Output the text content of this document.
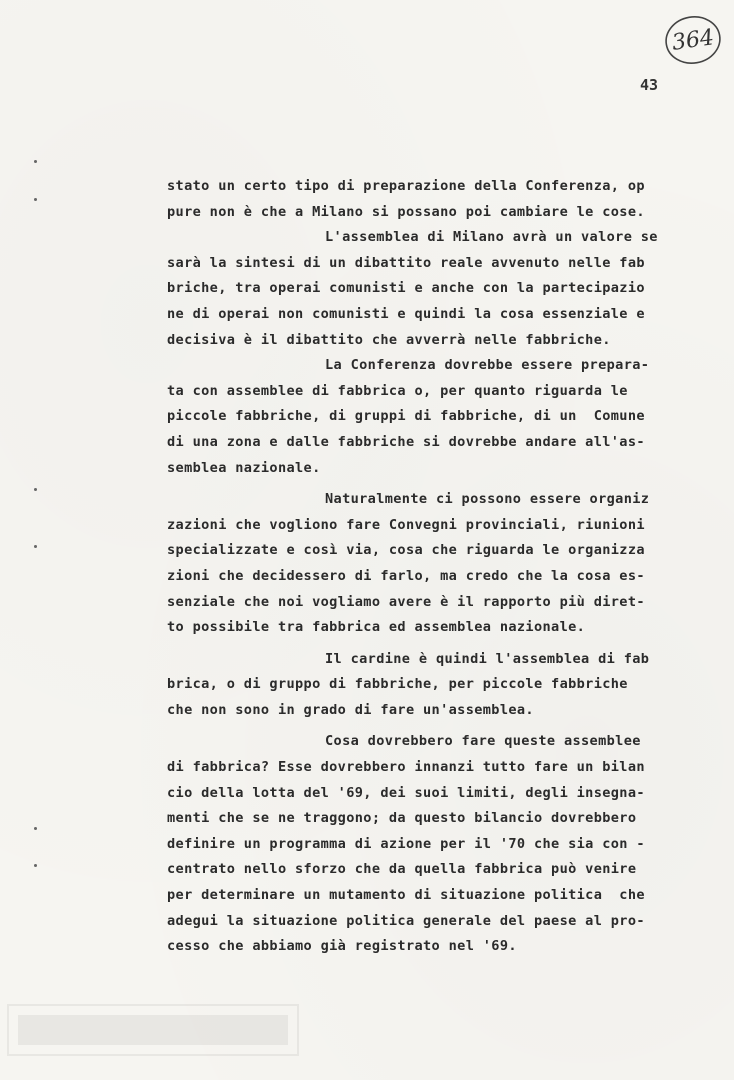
364
43
stato un certo tipo di preparazione della Conferenza, op
pure non è che a Milano si possano poi cambiare le cose.
L'assemblea di Milano avrà un valore se
sarà la sintesi di un dibattito reale avvenuto nelle fab
briche, tra operai comunisti e anche con la partecipazio
ne di operai non comunisti e quindi la cosa essenziale e
decisiva è il dibattito che avverrà nelle fabbriche.
La Conferenza dovrebbe essere prepara-
ta con assemblee di fabbrica o, per quanto riguarda le
piccole fabbriche, di gruppi di fabbriche, di un  Comune
di una zona e dalle fabbriche si dovrebbe andare all'as-
semblea nazionale.
Naturalmente ci possono essere organiz
zazioni che vogliono fare Convegni provinciali, riunioni
specializzate e così via, cosa che riguarda le organizza
zioni che decidessero di farlo, ma credo che la cosa es-
senziale che noi vogliamo avere è il rapporto più diret-
to possibile tra fabbrica ed assemblea nazionale.
Il cardine è quindi l'assemblea di fab
brica, o di gruppo di fabbriche, per piccole fabbriche
che non sono in grado di fare un'assemblea.
Cosa dovrebbero fare queste assemblee
di fabbrica? Esse dovrebbero innanzi tutto fare un bilan
cio della lotta del '69, dei suoi limiti, degli insegna-
menti che se ne traggono; da questo bilancio dovrebbero
definire un programma di azione per il '70 che sia con -
centrato nello sforzo che da quella fabbrica può venire
per determinare un mutamento di situazione politica  che
adegui la situazione politica generale del paese al pro-
cesso che abbiamo già registrato nel '69.
